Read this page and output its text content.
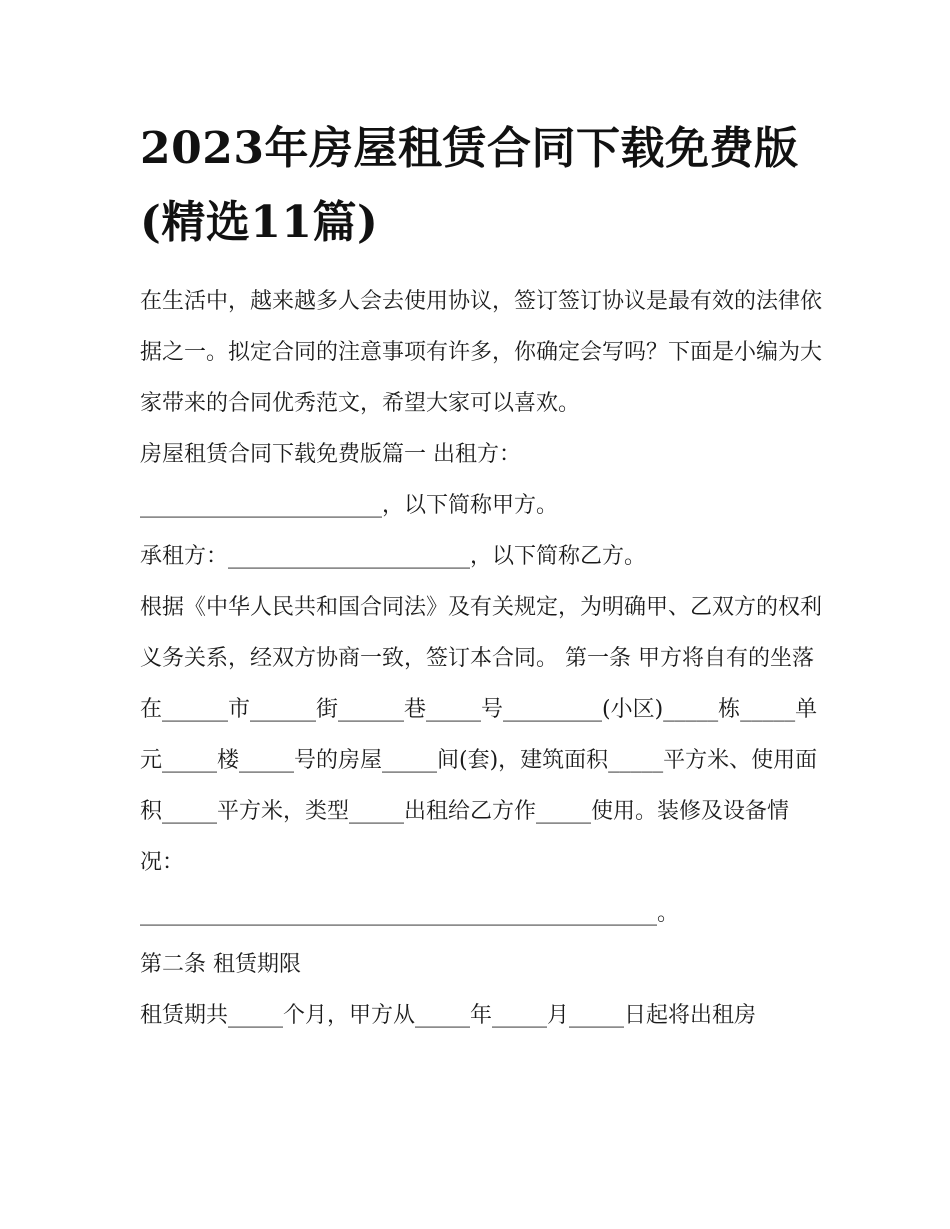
2023年房屋租赁合同下载免费版(精选11篇)

在生活中，越来越多人会去使用协议，签订签订协议是最有效的法律依据之一。拟定合同的注意事项有许多，你确定会写吗？下面是小编为大家带来的合同优秀范文，希望大家可以喜欢。

房屋租赁合同下载免费版篇一 出租方：

______________________，以下简称甲方。

承租方：______________________，以下简称乙方。

根据《中华人民共和国合同法》及有关规定，为明确甲、乙双方的权利义务关系，经双方协商一致，签订本合同。 第一条 甲方将自有的坐落在______市______街______巷_____号_________(小区)_____栋_____单元_____楼_____号的房屋_____间(套)，建筑面积_____平方米、使用面积_____平方米，类型_____出租给乙方作_____使用。装修及设备情况：

_______________________________________________。

第二条 租赁期限

租赁期共_____个月，甲方从_____年_____月_____日起将出租房
